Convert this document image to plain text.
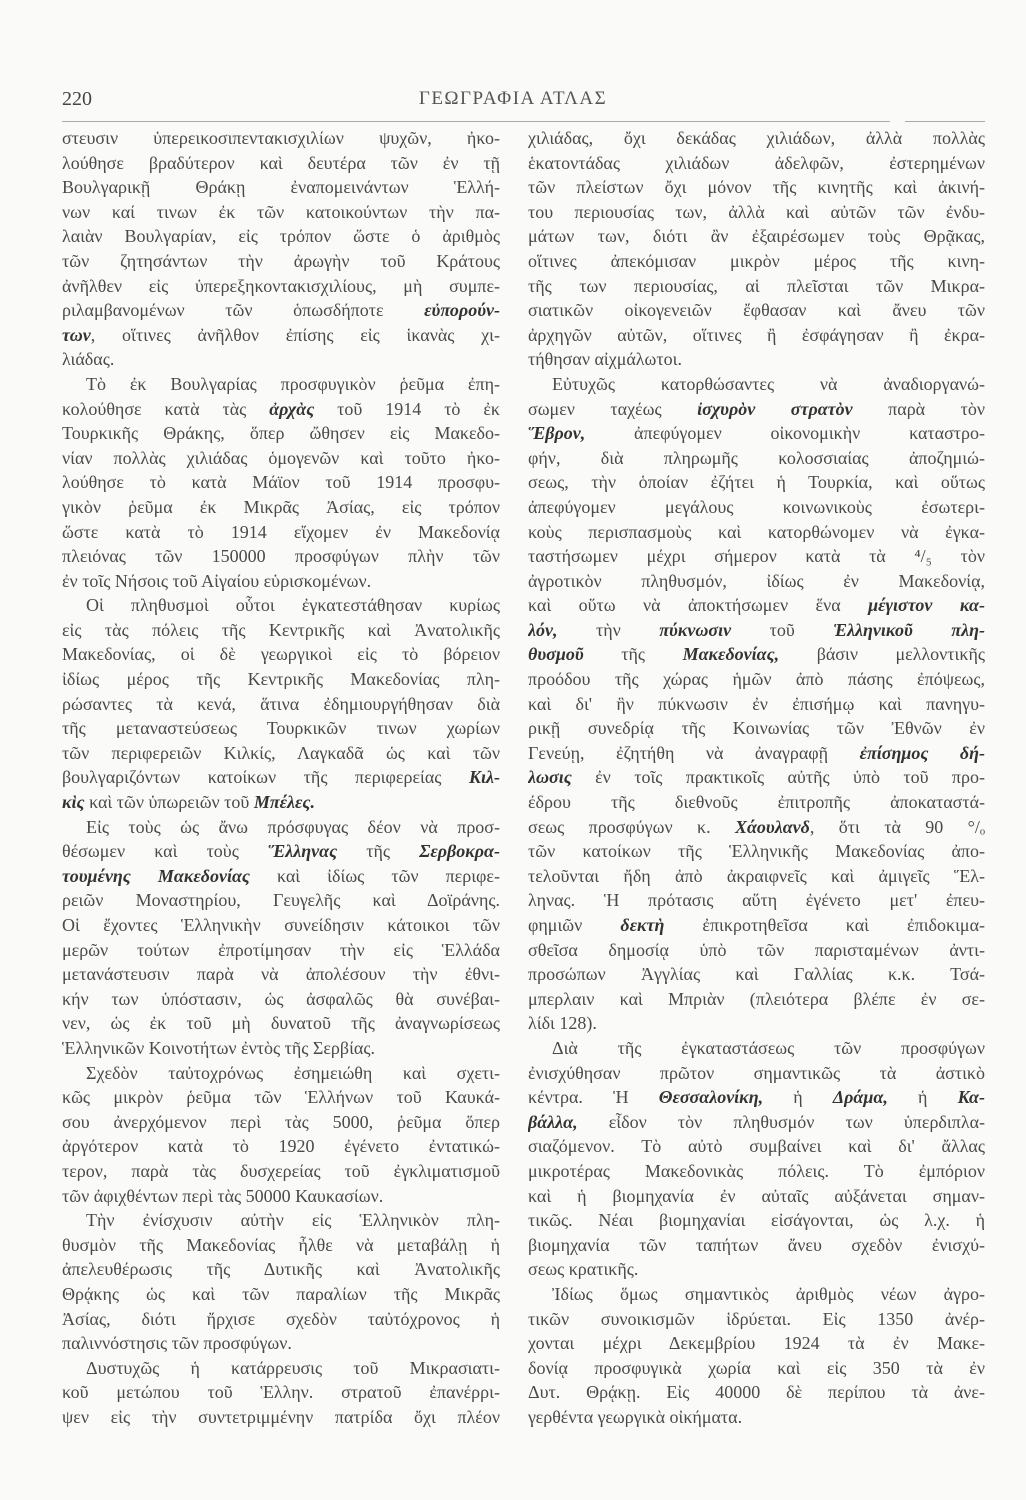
220	ΓΕΩΓΡΑΦΙΑ ΑΤΛΑΣ
στευσιν ὑπερεικοσιπεντακισχιλίων ψυχῶν, ἠκο-
λούθησε βραδύτερον καὶ δευτέρα τῶν ἐν τῇ
Βουλγαρικῇ Θράκῃ ἐναπομεινάντων Ἑλλή-
νων καί τινων ἐκ τῶν κατοικούντων τὴν πα-
λαιὰν Βουλγαρίαν, εἰς τρόπον ὥστε ὁ ἀριθμὸς
τῶν ζητησάντων τὴν ἀρωγὴν τοῦ Κράτους
ἀνῆλθεν εἰς ὑπερεξηκοντακισχιλίους, μὴ συμπε-
ριλαμβανομένων τῶν ὁπωσδήποτε εὐπορούν-
των, οἵτινες ἀνῆλθον ἐπίσης εἰς ἱκανὰς χι-
λιάδας.
Τὸ ἐκ Βουλγαρίας προσφυγικὸν ῥεῦμα ἐπη-
κολούθησε κατὰ τὰς ἀρχὰς τοῦ 1914 τὸ ἐκ
Τουρκικῆς Θράκης, ὅπερ ὤθησεν εἰς Μακεδο-
νίαν πολλὰς χιλιάδας ὁμογενῶν καὶ τοῦτο ἠκο-
λούθησε τὸ κατὰ Μάϊον τοῦ 1914 προσφυ-
γικὸν ῥεῦμα ἐκ Μικρᾶς Ἀσίας, εἰς τρόπον
ὥστε κατὰ τὸ 1914 εἴχομεν ἐν Μακεδονίᾳ
πλειόνας τῶν 150000 προσφύγων πλὴν τῶν
ἐν τοῖς Νήσοις τοῦ Αἰγαίου εὑρισκομένων.
Οἱ πληθυσμοὶ οὗτοι ἐγκατεστάθησαν κυρίως
εἰς τὰς πόλεις τῆς Κεντρικῆς καὶ Ἀνατολικῆς
Μακεδονίας, οἱ δὲ γεωργικοὶ εἰς τὸ βόρειον
ἰδίως μέρος τῆς Κεντρικῆς Μακεδονίας πλη-
ρώσαντες τὰ κενά, ἅτινα ἐδημιουργήθησαν διὰ
τῆς μεταναστεύσεως Τουρκικῶν τινων χωρίων
τῶν περιφερειῶν Κιλκίς, Λαγκαδᾶ ὡς καὶ τῶν
βουλγαριζόντων κατοίκων τῆς περιφερείας Κιλ-
κὶς καὶ τῶν ὑπωρειῶν τοῦ Μπέλες.
Εἰς τοὺς ὡς ἄνω πρόσφυγας δέον νὰ προσ-
θέσωμεν καὶ τοὺς Ἕλληνας τῆς Σερβοκρα-
τουμένης Μακεδονίας καὶ ἰδίως τῶν περιφε-
ρειῶν Μοναστηρίου, Γευγελῆς καὶ Δοϊράνης.
Οἱ ἔχοντες Ἑλληνικὴν συνείδησιν κάτοικοι τῶν
μερῶν τούτων ἐπροτίμησαν τὴν εἰς Ἑλλάδα
μετανάστευσιν παρὰ νὰ ἀπολέσουν τὴν ἐθνι-
κήν των ὑπόστασιν, ὡς ἀσφαλῶς θὰ συνέβαι-
νεν, ὡς ἐκ τοῦ μὴ δυνατοῦ τῆς ἀναγνωρίσεως
Ἑλληνικῶν Κοινοτήτων ἐντὸς τῆς Σερβίας.
Σχεδὸν ταὐτοχρόνως ἐσημειώθη καὶ σχετι-
κῶς μικρὸν ῥεῦμα τῶν Ἑλλήνων τοῦ Καυκά-
σου ἀνερχόμενον περὶ τὰς 5000, ῥεῦμα ὅπερ
ἀργότερον κατὰ τὸ 1920 ἐγένετο ἐντατικώ-
τερον, παρὰ τὰς δυσχερείας τοῦ ἐγκλιματισμοῦ
τῶν ἀφιχθέντων περὶ τὰς 50000 Καυκασίων.
Τὴν ἐνίσχυσιν αὐτὴν εἰς Ἑλληνικὸν πλη-
θυσμὸν τῆς Μακεδονίας ἦλθε νὰ μεταβάλῃ ἡ
ἀπελευθέρωσις τῆς Δυτικῆς καὶ Ἀνατολικῆς
Θρᾴκης ὡς καὶ τῶν παραλίων τῆς Μικρᾶς
Ἀσίας, διότι ἤρχισε σχεδὸν ταὐτόχρονος ἡ
παλιννόστησις τῶν προσφύγων.
Δυστυχῶς ἡ κατάρρευσις τοῦ Μικρασιατι-
κοῦ μετώπου τοῦ Ἑλλην. στρατοῦ ἐπανέρρι-
ψεν εἰς τὴν συντετριμμένην πατρίδα ὄχι πλέον
χιλιάδας, ὄχι δεκάδας χιλιάδων, ἀλλὰ πολλὰς
ἑκατοντάδας χιλιάδων ἀδελφῶν, ἐστερημένων
τῶν πλείστων ὄχι μόνον τῆς κινητῆς καὶ ἀκινή-
του περιουσίας των, ἀλλὰ καὶ αὐτῶν τῶν ἐνδυ-
μάτων των, διότι ἂν ἐξαιρέσωμεν τοὺς Θρᾷκας,
οἵτινες ἀπεκόμισαν μικρὸν μέρος τῆς κινη-
τῆς των περιουσίας, αἱ πλεῖσται τῶν Μικρα-
σιατικῶν οἰκογενειῶν ἔφθασαν καὶ ἄνευ τῶν
ἀρχηγῶν αὐτῶν, οἵτινες ἢ ἐσφάγησαν ἢ ἐκρα-
τήθησαν αἰχμάλωτοι.
Εὐτυχῶς κατορθώσαντες νὰ ἀναδιοργανώ-
σωμεν ταχέως ἰσχυρὸν στρατὸν παρὰ τὸν
Ἕβρον, ἀπεφύγομεν οἰκονομικὴν καταστρο-
φήν, διὰ πληρωμῆς κολοσσιαίας ἀποζημιώ-
σεως, τὴν ὁποίαν ἐζήτει ἡ Τουρκία, καὶ οὕτως
ἀπεφύγομεν μεγάλους κοινωνικοὺς ἐσωτερι-
κοὺς περισπασμοὺς καὶ κατορθώνομεν νὰ ἐγκα-
ταστήσωμεν μέχρι σήμερον κατὰ τὰ ⁴/₅ τὸν
ἀγροτικὸν πληθυσμόν, ἰδίως ἐν Μακεδονίᾳ,
καὶ οὕτω νὰ ἀποκτήσωμεν ἕνα μέγιστον κα-
λόν, τὴν πύκνωσιν τοῦ Ἑλληνικοῦ πλη-
θυσμοῦ τῆς Μακεδονίας, βάσιν μελλοντικῆς
προόδου τῆς χώρας ἡμῶν ἀπὸ πάσης ἐπόψεως,
καὶ δι' ἣν πύκνωσιν ἐν ἐπισήμῳ καὶ πανηγυ-
ρικῇ συνεδρίᾳ τῆς Κοινωνίας τῶν Ἐθνῶν ἐν
Γενεύῃ, ἐζητήθη νὰ ἀναγραφῇ ἐπίσημος δή-
λωσις ἐν τοῖς πρακτικοῖς αὐτῆς ὑπὸ τοῦ προ-
έδρου τῆς διεθνοῦς ἐπιτροπῆς ἀποκαταστά-
σεως προσφύγων κ. Χάουλανδ, ὅτι τὰ 90 °/ₒ
τῶν κατοίκων τῆς Ἑλληνικῆς Μακεδονίας ἀπο-
τελοῦνται ἤδη ἀπὸ ἀκραιφνεῖς καὶ ἀμιγεῖς Ἕλ-
ληνας. Ἡ πρότασις αὕτη ἐγένετο μετ' ἐπευ-
φημιῶν δεκτὴ ἐπικροτηθεῖσα καὶ ἐπιδοκιμα-
σθεῖσα δημοσίᾳ ὑπὸ τῶν παρισταμένων ἀντι-
προσώπων Ἀγγλίας καὶ Γαλλίας κ.κ. Τσά-
μπερλαιν καὶ Μπριὰν (πλειότερα βλέπε ἐν σε-
λίδι 128).
Διὰ τῆς ἐγκαταστάσεως τῶν προσφύγων
ἐνισχύθησαν πρῶτον σημαντικῶς τὰ ἀστικὸ
κέντρα. Ἡ Θεσσαλονίκη, ἡ Δράμα, ἡ Κα-
βάλλα, εἶδον τὸν πληθυσμόν των ὑπερδιπλα-
σιαζόμενον. Τὸ αὐτὸ συμβαίνει καὶ δι' ἄλλας
μικροτέρας Μακεδονικὰς πόλεις. Τὸ ἐμπόριον
καὶ ἡ βιομηχανία ἐν αὐταῖς αὐξάνεται σημαν-
τικῶς. Νέαι βιομηχανίαι εἰσάγονται, ὡς λ.χ. ἡ
βιομηχανία τῶν ταπήτων ἄνευ σχεδὸν ἐνισχύ-
σεως κρατικῆς.
Ἰδίως ὅμως σημαντικὸς ἀριθμὸς νέων ἀγρο-
τικῶν συνοικισμῶν ἱδρύεται. Εἰς 1350 ἀνέρ-
χονται μέχρι Δεκεμβρίου 1924 τὰ ἐν Μακε-
δονίᾳ προσφυγικὰ χωρία καὶ εἰς 350 τὰ ἐν
Δυτ. Θρᾴκῃ. Εἰς 40000 δὲ περίπου τὰ ἀνε-
γερθέντα γεωργικὰ οἰκήματα.
